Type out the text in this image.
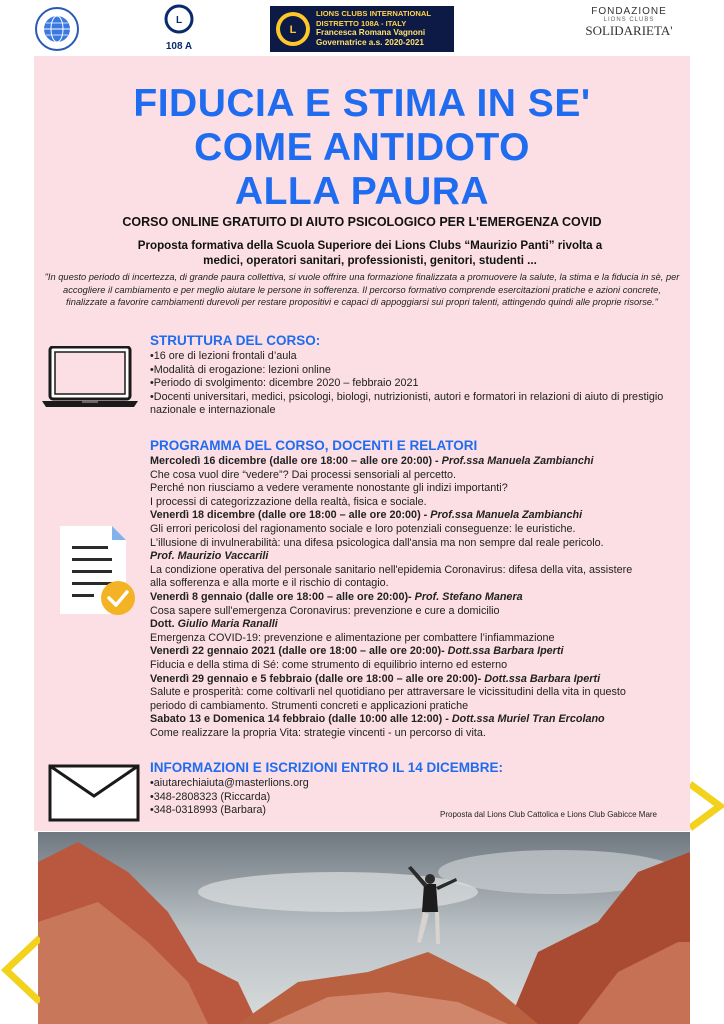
L
108 A
L
LIONS CLUBS INTERNATIONAL
DISTRETTO 108A - ITALY
Francesca Romana Vagnoni
Governatrice a.s. 2020-2021
FONDAZIONE
LIONS CLUBS
SOLIDARIETA'
FIDUCIA E STIMA IN SE'
COME ANTIDOTO
ALLA PAURA
CORSO ONLINE GRATUITO DI AIUTO PSICOLOGICO PER L'EMERGENZA COVID
Proposta formativa della Scuola Superiore dei Lions Clubs “Maurizio Panti” rivolta a
medici, operatori sanitari, professionisti, genitori, studenti ...
"In questo periodo di incertezza, di grande paura collettiva, si vuole offrire una formazione finalizzata a promuovere la salute, la stima e la fiducia in sè, per accogliere il cambiamento e per meglio aiutare le persone in sofferenza. Il percorso formativo comprende esercitazioni pratiche e azioni concrete, finalizzate a favorire cambiamenti durevoli per restare propositivi e capaci di appoggiarsi sui propri talenti, attingendo quindi alle proprie risorse."
STRUTTURA DEL CORSO:
•16 ore di lezioni frontali d’aula
•Modalità di erogazione: lezioni online
•Periodo di svolgimento: dicembre 2020 – febbraio 2021
•Docenti universitari, medici, psicologi, biologi, nutrizionisti, autori e formatori in relazioni di aiuto di prestigio nazionale e internazionale
PROGRAMMA DEL CORSO, DOCENTI E RELATORI
Mercoledì 16 dicembre (dalle ore 18:00 – alle ore 20:00) - Prof.ssa Manuela Zambianchi
Che cosa vuol dire “vedere”? Dai processi sensoriali al percetto.
Perché non riusciamo a vedere veramente nonostante gli indizi importanti?
I processi di categorizzazione della realtà, fisica e sociale.
Venerdì 18 dicembre (dalle ore 18:00 – alle ore 20:00) - Prof.ssa Manuela Zambianchi
Gli errori pericolosi del ragionamento sociale e loro potenziali conseguenze: le euristiche.
L'illusione di invulnerabilità: una difesa psicologica dall'ansia ma non sempre dal reale pericolo.
Prof. Maurizio Vaccarili
La condizione operativa del personale sanitario nell'epidemia Coronavirus: difesa della vita, assistere
alla sofferenza e alla morte e il rischio di contagio.
Venerdì 8 gennaio (dalle ore 18:00 – alle ore 20:00)- Prof. Stefano Manera
Cosa sapere sull'emergenza Coronavirus: prevenzione e cure a domicilio
Dott. Giulio Maria Ranalli
Emergenza COVID-19: prevenzione e alimentazione per combattere l’infiammazione
Venerdì 22 gennaio 2021 (dalle ore 18:00 – alle ore 20:00)- Dott.ssa Barbara Iperti
Fiducia e della stima di Sé: come strumento di equilibrio interno ed esterno
Venerdì 29 gennaio e 5 febbraio (dalle ore 18:00 – alle ore 20:00)- Dott.ssa Barbara Iperti
Salute e prosperità: come coltivarli nel quotidiano per attraversare le vicissitudini della vita in questo
periodo di cambiamento. Strumenti concreti e applicazioni pratiche
Sabato 13 e Domenica 14 febbraio (dalle 10:00 alle 12:00) - Dott.ssa Muriel Tran Ercolano
Come realizzare la propria Vita: strategie vincenti - un percorso di vita.
INFORMAZIONI E ISCRIZIONI ENTRO IL 14 DICEMBRE:
•aiutarechiaiuta@masterlions.org
•348-2808323 (Riccarda)
•348-0318993 (Barbara)	Proposta dal Lions Club Cattolica e Lions Club Gabicce Mare
